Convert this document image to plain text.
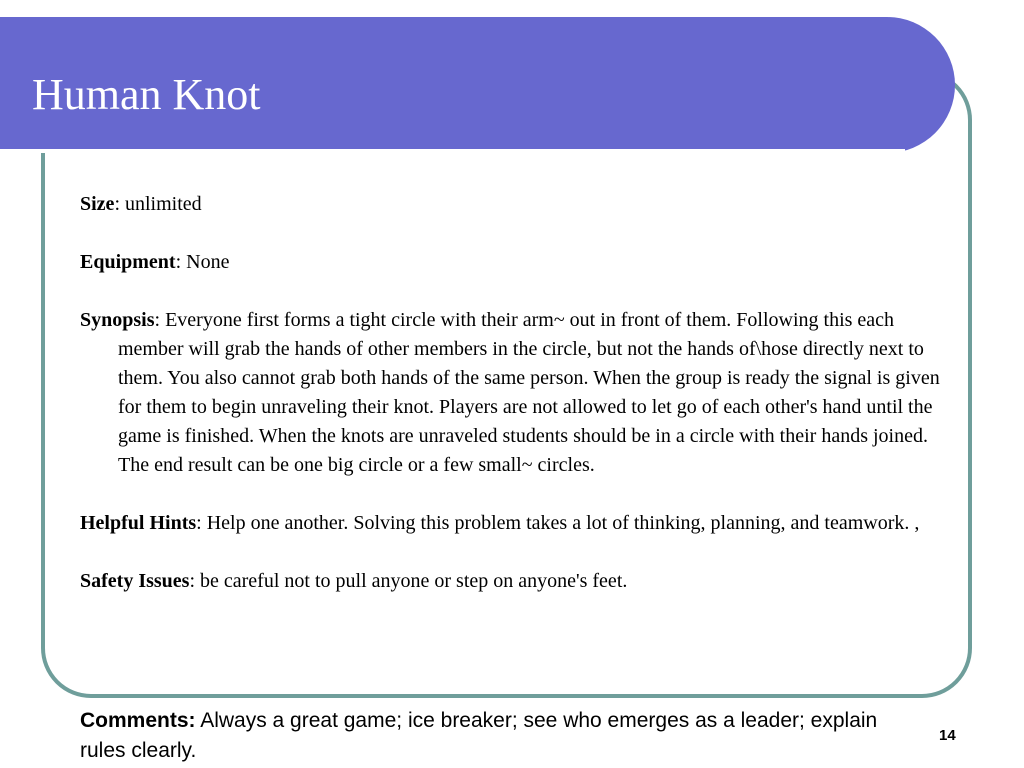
Human Knot

Size: unlimited

Equipment: None

Synopsis: Everyone first forms a tight circle with their arm~ out in front of them. Following this each member will grab the hands of other members in the circle, but not the hands of\hose directly next to them. You also cannot grab both hands of the same person. When the group is ready the signal is given for them to begin unraveling their knot. Players are not allowed to let go of each other's hand until the game is finished. When the knots are unraveled students should be in a circle with their hands joined. The end result can be one big circle or a few small~ circles.

Helpful Hints: Help one another. Solving this problem takes a lot of thinking, planning, and teamwork. ,

Safety Issues: be careful not to pull anyone or step on anyone's feet.

Comments: Always a great game; ice breaker; see who emerges as a leader; explain rules clearly.

14
